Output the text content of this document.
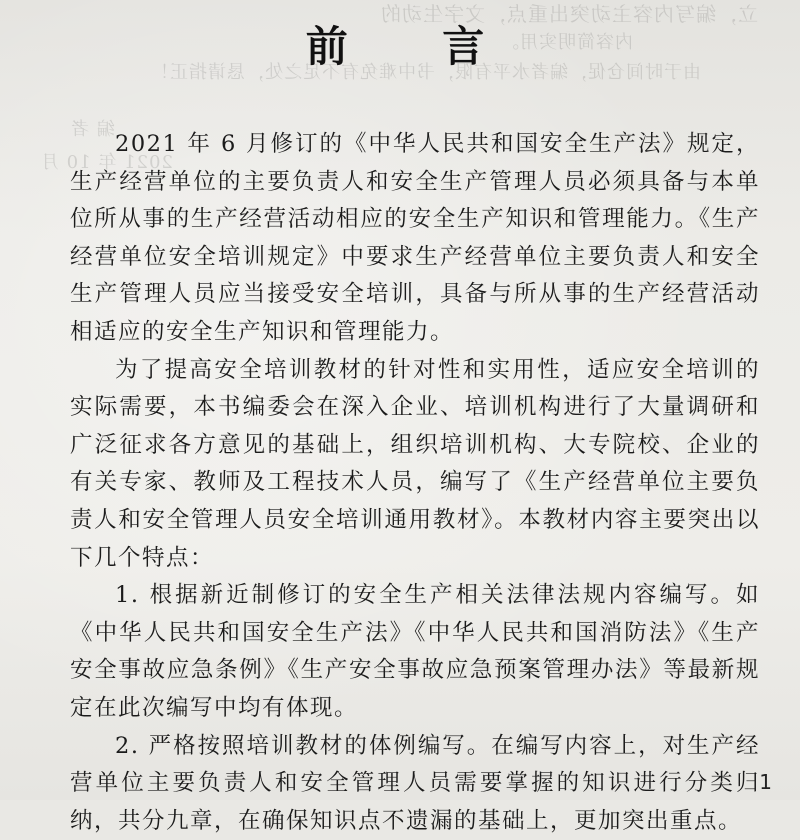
立，编写内容主动突出重点，文字生动的
内容简明实用。
由于时间仓促，编者水平有限，书中难免有不足之处，恳请指正！
编 者
2021 年 10 月
前 言

2021 年 6 月修订的《中华人民共和国安全生产法》规定，生产经营单位的主要负责人和安全生产管理人员必须具备与本单位所从事的生产经营活动相应的安全生产知识和管理能力。《生产经营单位安全培训规定》中要求生产经营单位主要负责人和安全生产管理人员应当接受安全培训，具备与所从事的生产经营活动相适应的安全生产知识和管理能力。

为了提高安全培训教材的针对性和实用性，适应安全培训的实际需要，本书编委会在深入企业、培训机构进行了大量调研和广泛征求各方意见的基础上，组织培训机构、大专院校、企业的有关专家、教师及工程技术人员，编写了《生产经营单位主要负责人和安全管理人员安全培训通用教材》。本教材内容主要突出以下几个特点：

1. 根据新近制修订的安全生产相关法律法规内容编写。如《中华人民共和国安全生产法》《中华人民共和国消防法》《生产安全事故应急条例》《生产安全事故应急预案管理办法》等最新规定在此次编写中均有体现。

2. 严格按照培训教材的体例编写。在编写内容上，对生产经营单位主要负责人和安全管理人员需要掌握的知识进行分类归纳，共分九章，在确保知识点不遗漏的基础上，更加突出重点。

1
